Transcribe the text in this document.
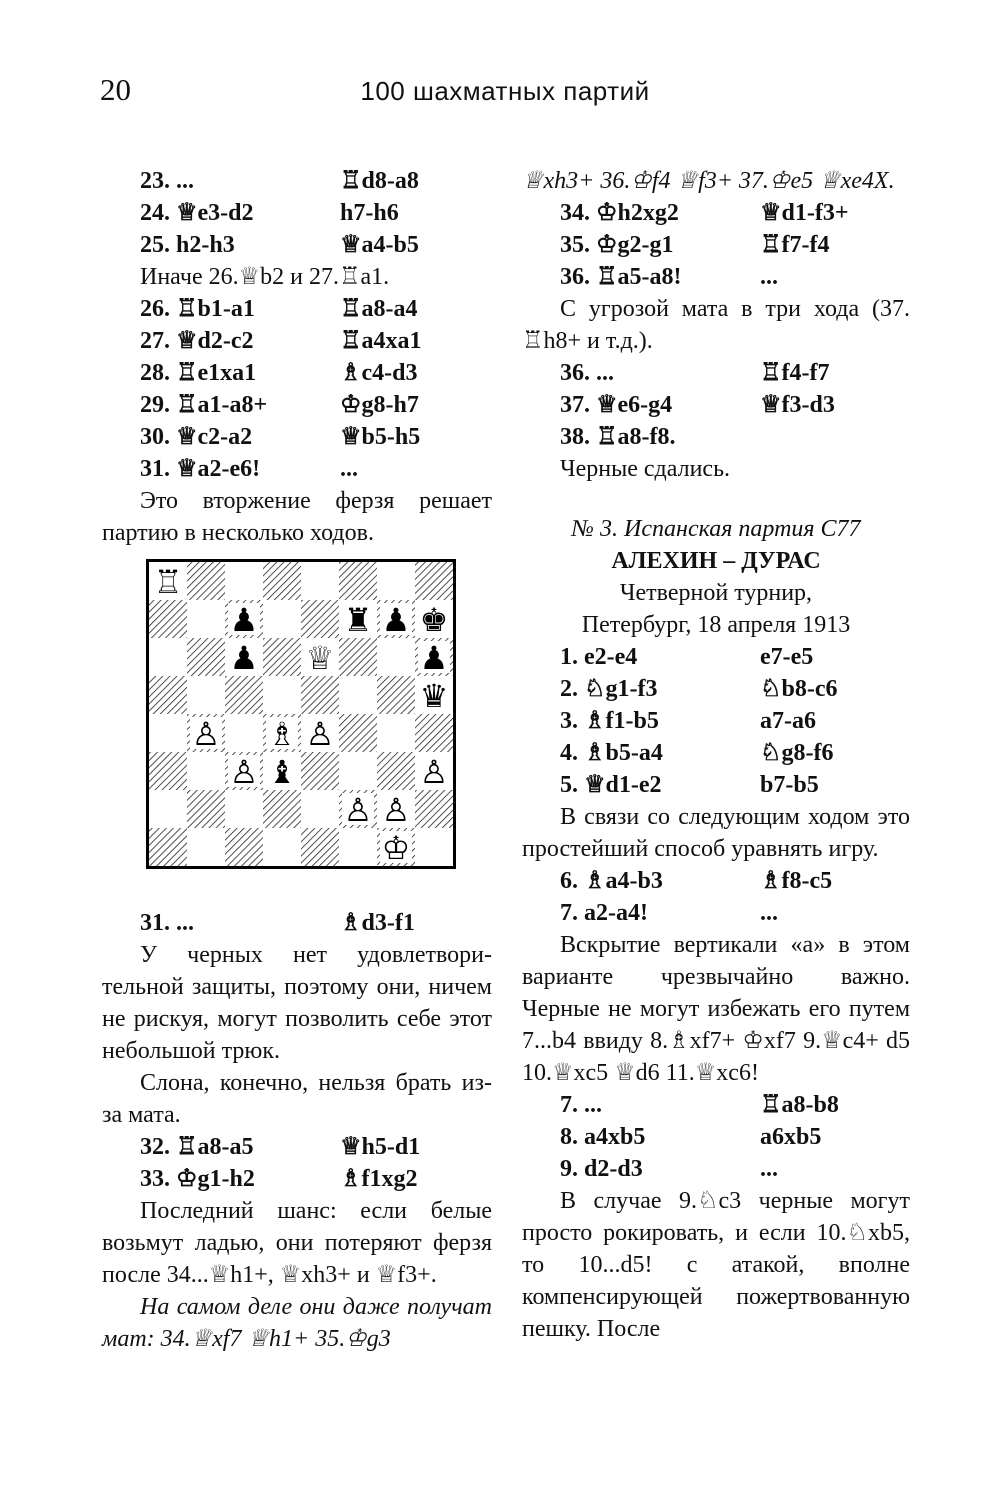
20	100 шахматных партий
23. ...	♖d8-a8
24. ♕e3-d2	h7-h6
25. h2-h3	♕a4-b5

Иначе 26.♕b2 и 27.♖a1.

26. ♖b1-a1	♖a8-a4
27. ♕d2-c2	♖a4xa1
28. ♖e1xa1	♗c4-d3
29. ♖a1-a8+	♔g8-h7
30. ♕c2-a2	♕b5-h5
31. ♕a2-e6!	...

Это вторжение ферзя решает партию в несколько ходов.

♖
♟	♜ ♟ ♚
♟ ♕	♟
♛
♙ ♗ ♙
♙ ♝	♙
♙ ♙
♔
31. ...	♗d3-f1

У черных нет удовлетворительной защиты, поэтому они, ничем не рискуя, могут позволить себе этот небольшой трюк.

Слона, конечно, нельзя брать из-за мата.

32. ♖a8-a5	♕h5-d1
33. ♔g1-h2	♗f1xg2

Последний шанс: если белые возьмут ладью, они потеряют ферзя после 34...♕h1+, ♕xh3+ и ♕f3+.

На самом деле они даже получат мат: 34.♕xf7 ♕h1+ 35.♔g3

♕xh3+ 36.♔f4 ♕f3+ 37.♔e5 ♕xe4X.

34. ♔h2xg2	♕d1-f3+
35. ♔g2-g1	♖f7-f4
36. ♖a5-a8!	...

С угрозой мата в три хода (37. ♖h8+ и т.д.).

36. ...	♖f4-f7
37. ♕e6-g4	♕f3-d3
38. ♖a8-f8.

Черные сдались.

№ 3. Испанская партия С77
АЛЕХИН – ДУРАС
Четверной турнир,
Петербург, 18 апреля 1913
1. e2-e4	e7-e5
2. ♘g1-f3	♘b8-c6
3. ♗f1-b5	a7-a6
4. ♗b5-a4	♘g8-f6
5. ♕d1-e2	b7-b5

В связи со следующим ходом это простейший способ уравнять игру.

6. ♗a4-b3	♗f8-c5
7. a2-a4!	...

Вскрытие вертикали «а» в этом варианте чрезвычайно важно. Черные не могут избежать его путем 7...b4 ввиду 8.♗xf7+ ♔xf7 9.♕c4+ d5 10.♕xc5 ♕d6 11.♕xc6!

7. ...	♖a8-b8
8. a4xb5	a6xb5
9. d2-d3	...

В случае 9.♘c3 черные могут просто рокировать, и если 10.♘xb5, то 10...d5! с атакой, вполне компенсирующей пожертвованную пешку. После
